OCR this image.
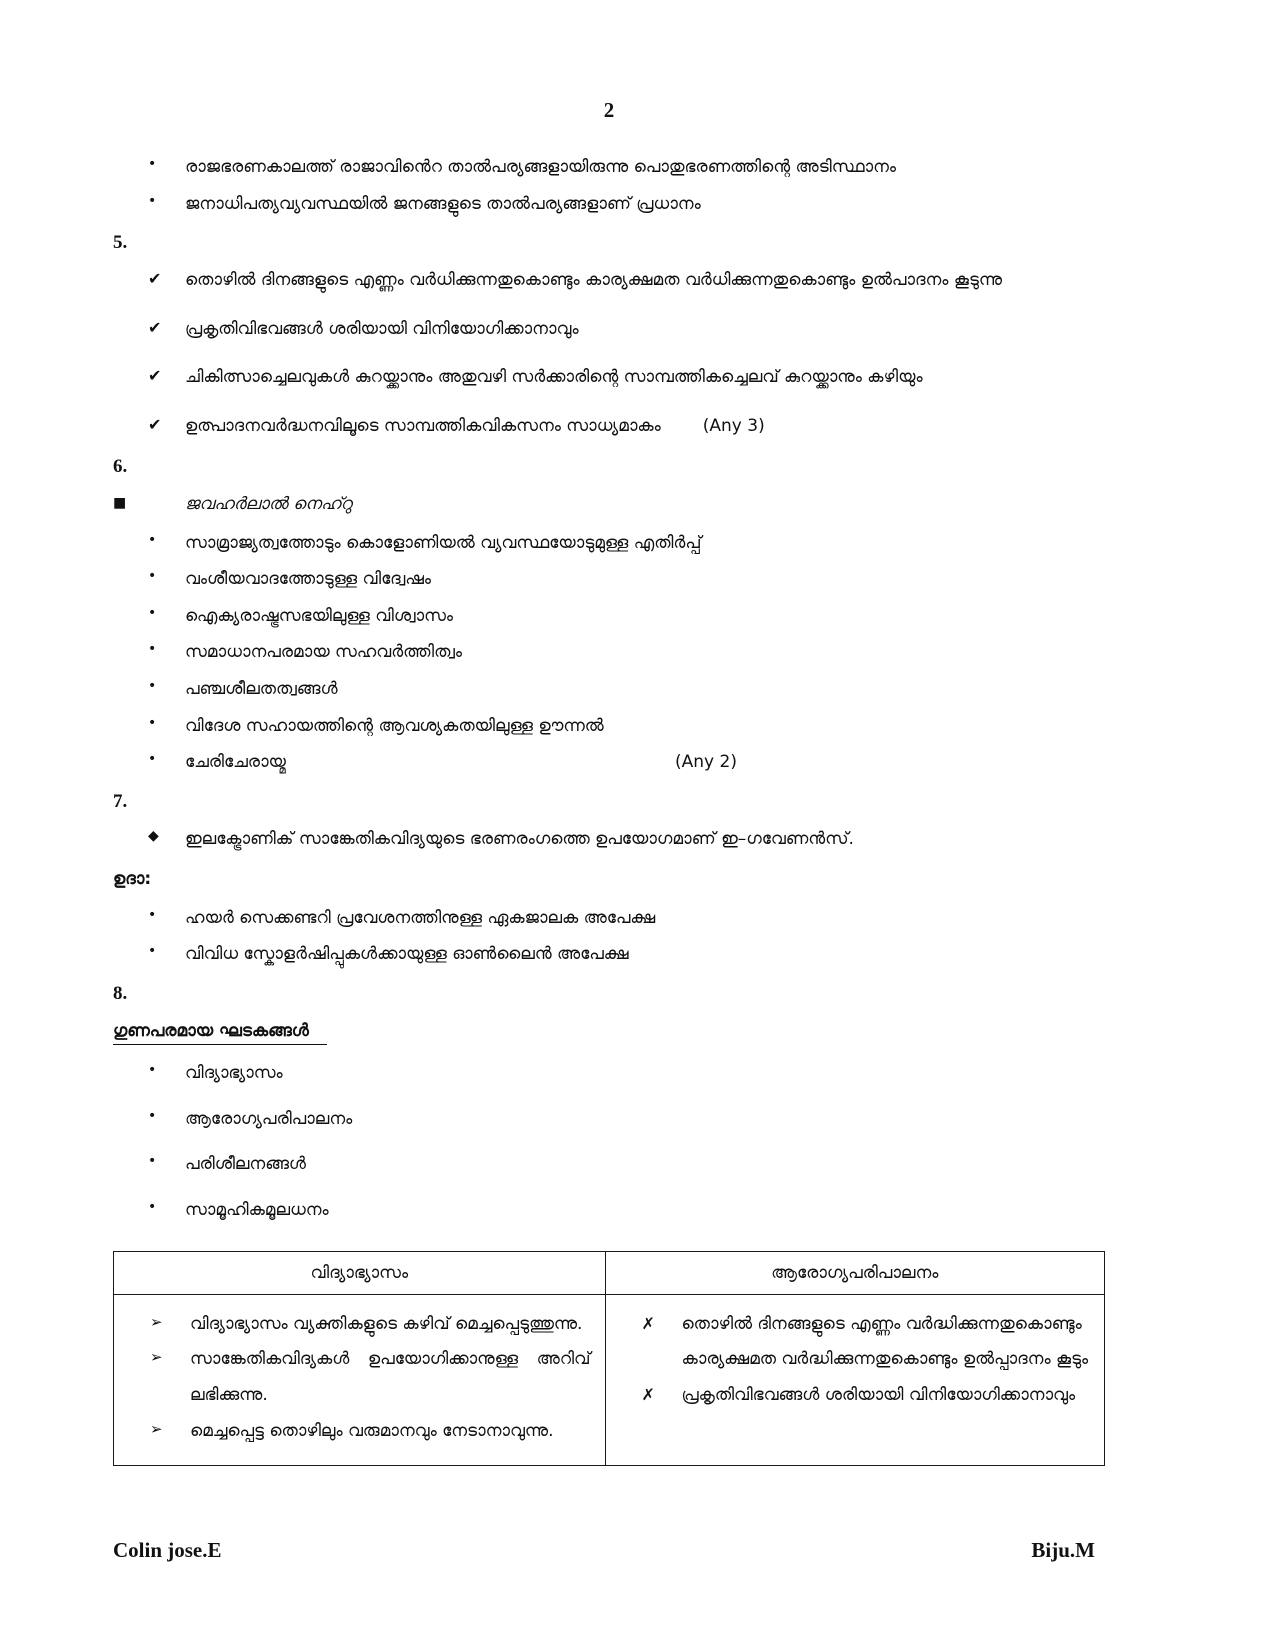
2
•	രാജഭരണകാലത്ത് രാജാവിൻെറ താൽപര്യങ്ങളായിരുന്നു പൊതുഭരണത്തിന്റെ അടിസ്ഥാനം
•	ജനാധിപത്യവ്യവസ്ഥയിൽ ജനങ്ങളുടെ താൽപര്യങ്ങളാണ് പ്രധാനം
5.
✔	തൊഴിൽ ദിനങ്ങളുടെ എണ്ണം വർധിക്കുന്നതുകൊണ്ടും കാര്യക്ഷമത വർധിക്കുന്നതുകൊണ്ടും ഉൽപാദനം കൂടുന്നു
✔	പ്രകൃതിവിഭവങ്ങൾ ശരിയായി വിനിയോഗിക്കാനാവും
✔	ചികിത്സാച്ചെലവുകൾ കുറയ്ക്കാനും അതുവഴി സർക്കാരിന്റെ സാമ്പത്തികച്ചെലവ് കുറയ്ക്കാനും കഴിയും
✔	ഉത്പാദനവർദ്ധനവിലൂടെ സാമ്പത്തികവികസനം സാധ്യമാകം (Any 3)
6.
■	ജവഹർലാൽ നെഹ്റു
•	സാമ്രാജ്യത്വത്തോടും കൊളോണിയൽ വ്യവസ്ഥയോടുമുള്ള എതിർപ്പ്
•	വംശീയവാദത്തോടുള്ള വിദ്വേഷം
•	ഐക്യരാഷ്ട്രസഭയിലുള്ള വിശ്വാസം
•	സമാധാനപരമായ സഹവർത്തിത്വം
•	പഞ്ചശീലതത്വങ്ങൾ
•	വിദേശ സഹായത്തിന്റെ ആവശ്യകതയിലുള്ള ഊന്നൽ
•	ചേരിചേരായ്മ	(Any 2)
7.
◆	ഇലക്ട്രോണിക് സാങ്കേതികവിദ്യയുടെ ഭരണരംഗത്തെ ഉപയോഗമാണ് ഇ–ഗവേണൻസ്.
ഉദാ:
•	ഹയർ സെക്കണ്ടറി പ്രവേശനത്തിനുള്ള ഏകജാലക അപേക്ഷ
•	വിവിധ സ്കോളർഷിപ്പുകൾക്കായുള്ള ഓൺലൈൻ അപേക്ഷ
8.
ഗുണപരമായ ഘടകങ്ങൾ
•	വിദ്യാഭ്യാസം
•	ആരോഗ്യപരിപാലനം
•	പരിശീലനങ്ങൾ
•	സാമൂഹികമൂലധനം
വിദ്യാഭ്യാസം	ആരോഗ്യപരിപാലനം

➢	വിദ്യാഭ്യാസം വ്യക്തികളുടെ കഴിവ് മെച്ചപ്പെടുത്തുന്നു.
➢	സാങ്കേതികവിദ്യകൾ ഉപയോഗിക്കാനുള്ള അറിവ് ലഭിക്കുന്നു.
➢	മെച്ചപ്പെട്ട തൊഴിലും വരുമാനവും നേടാനാവുന്നു.

✗	തൊഴിൽ ദിനങ്ങളുടെ എണ്ണം വർദ്ധിക്കുന്നതുകൊണ്ടും കാര്യക്ഷമത വർദ്ധിക്കുന്നതുകൊണ്ടും ഉൽപ്പാദനം കൂടും
✗	പ്രകൃതിവിഭവങ്ങൾ ശരിയായി വിനിയോഗിക്കാനാവും
Colin jose.E	Biju.M
